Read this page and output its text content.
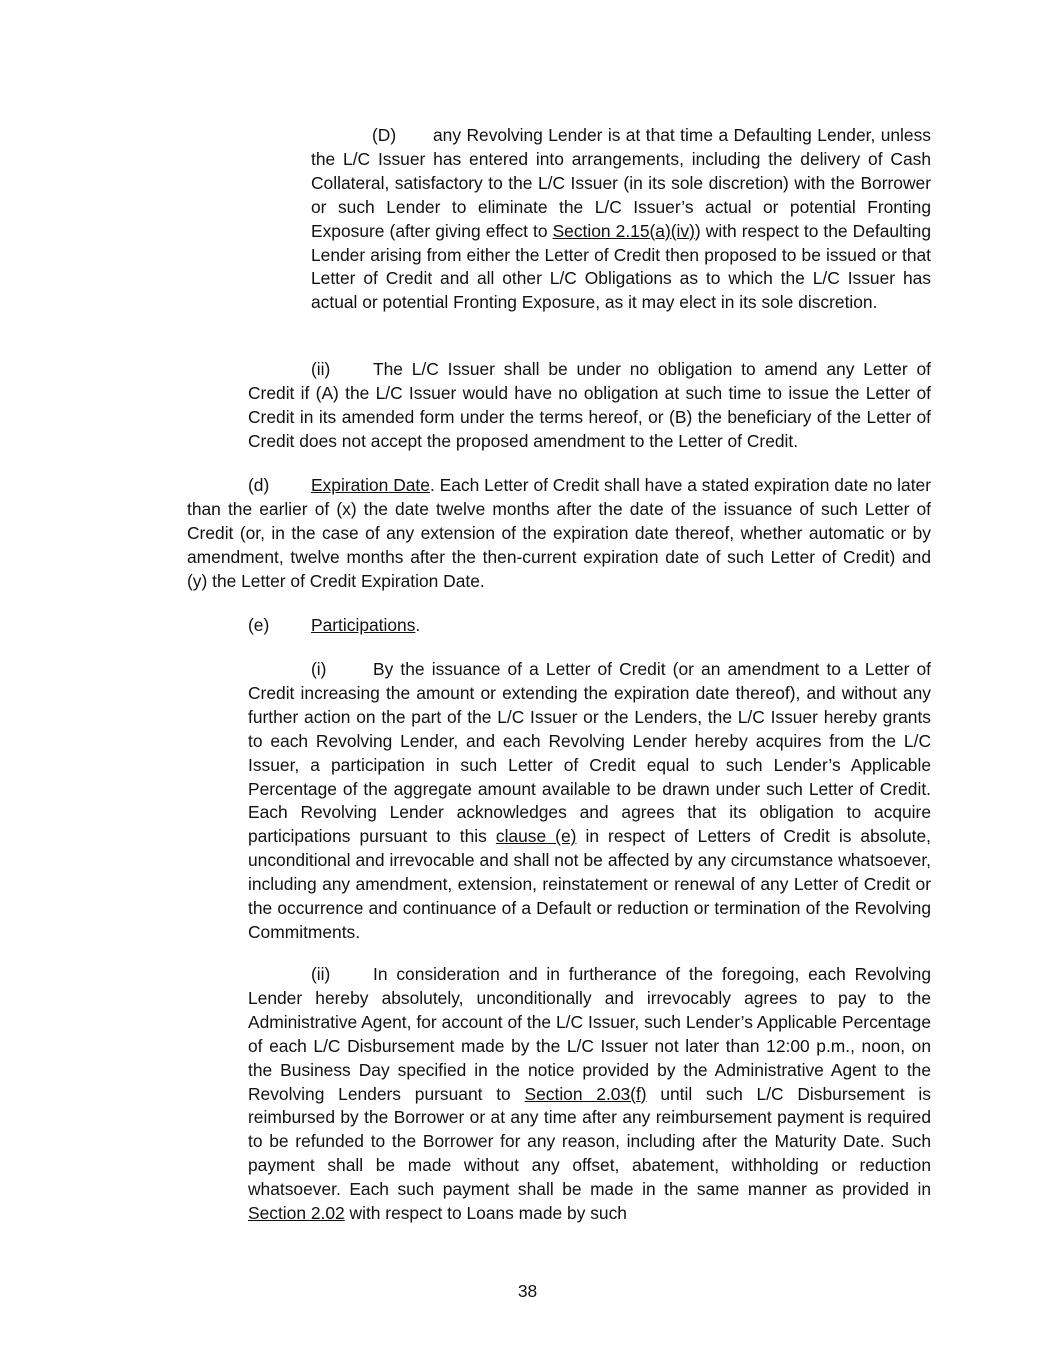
(D) any Revolving Lender is at that time a Defaulting Lender, unless the L/C Issuer has entered into arrangements, including the delivery of Cash Collateral, satisfactory to the L/C Issuer (in its sole discretion) with the Borrower or such Lender to eliminate the L/C Issuer’s actual or potential Fronting Exposure (after giving effect to Section 2.15(a)(iv)) with respect to the Defaulting Lender arising from either the Letter of Credit then proposed to be issued or that Letter of Credit and all other L/C Obligations as to which the L/C Issuer has actual or potential Fronting Exposure, as it may elect in its sole discretion.

(ii) The L/C Issuer shall be under no obligation to amend any Letter of Credit if (A) the L/C Issuer would have no obligation at such time to issue the Letter of Credit in its amended form under the terms hereof, or (B) the beneficiary of the Letter of Credit does not accept the proposed amendment to the Letter of Credit.

(d) Expiration Date. Each Letter of Credit shall have a stated expiration date no later than the earlier of (x) the date twelve months after the date of the issuance of such Letter of Credit (or, in the case of any extension of the expiration date thereof, whether automatic or by amendment, twelve months after the then-current expiration date of such Letter of Credit) and (y) the Letter of Credit Expiration Date.

(e) Participations.

(i)	By the issuance of a Letter of Credit (or an amendment to a Letter of Credit increasing the amount or extending the expiration date thereof), and without any further action on the part of the L/C Issuer or the Lenders, the L/C Issuer hereby grants to each Revolving Lender, and each Revolving Lender hereby acquires from the L/C Issuer, a participation in such Letter of Credit equal to such Lender’s Applicable Percentage of the aggregate amount available to be drawn under such Letter of Credit. Each Revolving Lender acknowledges and agrees that its obligation to acquire participations pursuant to this clause (e) in respect of Letters of Credit is absolute, unconditional and irrevocable and shall not be affected by any circumstance whatsoever, including any amendment, extension, reinstatement or renewal of any Letter of Credit or the occurrence and continuance of a Default or reduction or termination of the Revolving Commitments.

(ii) In consideration and in furtherance of the foregoing, each Revolving Lender hereby absolutely, unconditionally and irrevocably agrees to pay to the Administrative Agent, for account of the L/C Issuer, such Lender’s Applicable Percentage of each L/C Disbursement made by the L/C Issuer not later than 12:00 p.m., noon, on the Business Day specified in the notice provided by the Administrative Agent to the Revolving Lenders pursuant to Section 2.03(f) until such L/C Disbursement is reimbursed by the Borrower or at any time after any reimbursement payment is required to be refunded to the Borrower for any reason, including after the Maturity Date. Such payment shall be made without any offset, abatement, withholding or reduction whatsoever. Each such payment shall be made in the same manner as provided in Section 2.02 with respect to Loans made by such

38
